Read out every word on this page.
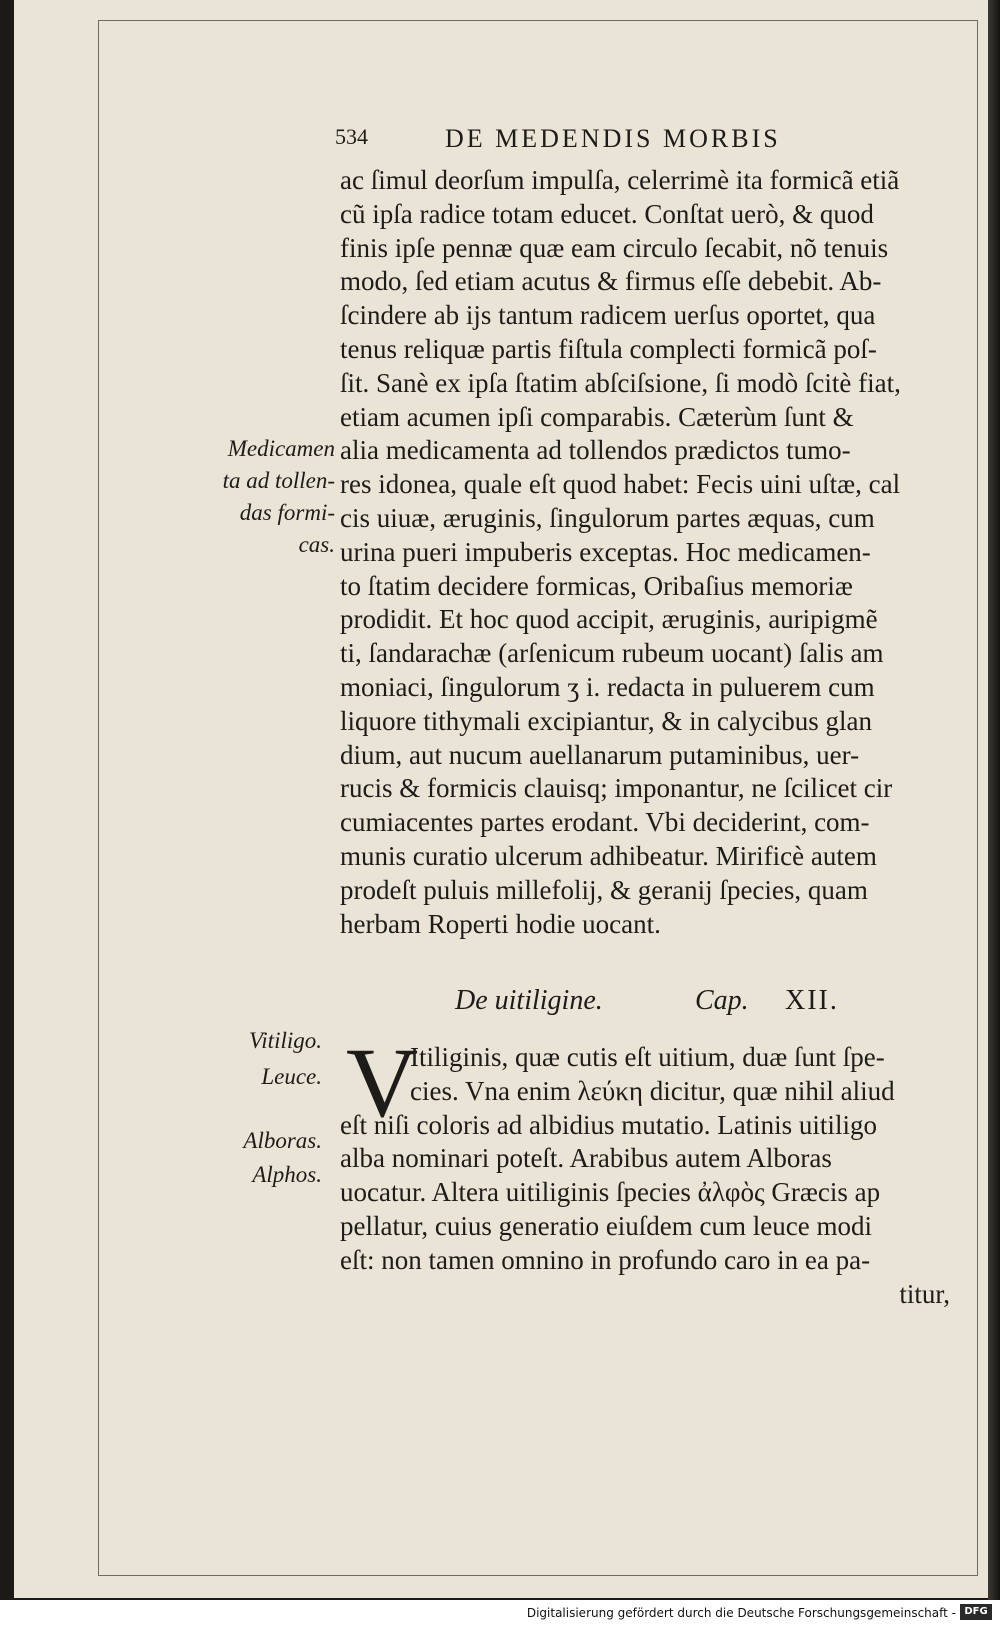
534	DE MEDENDIS MORBIS
ac ſimul deorſum impulſa, celerrimè ita formicã etiã
cũ ipſa radice totam educet. Conſtat uerò, & quod
finis ipſe pennæ quæ eam circulo ſecabit, nõ tenuis
modo, ſed etiam acutus & firmus eſſe debebit. Ab-
ſcindere ab ijs tantum radicem uerſus oportet, qua
tenus reliquæ partis fiſtula complecti formicã poſ-
ſit. Sanè ex ipſa ſtatim abſciſsione, ſi modò ſcitè fiat,
etiam acumen ipſi comparabis. Cæterùm ſunt &
alia medicamenta ad tollendos prædictos tumo-
res idonea, quale eſt quod habet: Fecis uini uſtæ, cal
cis uiuæ, æruginis, ſingulorum partes æquas, cum
urina pueri impuberis exceptas. Hoc medicamen-
to ſtatim decidere formicas, Oribaſius memoriæ
prodidit. Et hoc quod accipit, æruginis, auripigmẽ
ti, ſandarachæ (arſenicum rubeum uocant) ſalis am
moniaci, ſingulorum ʒ i. redacta in puluerem cum
liquore tithymali excipiantur, & in calycibus glan
dium, aut nucum auellanarum putaminibus, uer-
rucis & formicis clauisq; imponantur, ne ſcilicet cir
cumiacentes partes erodant. Vbi deciderint, com-
munis curatio ulcerum adhibeatur. Mirificè autem
prodeſt puluis millefolij, & geranij ſpecies, quam
herbam Roperti hodie uocant.
Medicamen
ta ad tollen-
das formi-
cas.
De uitiligine.	Cap. XII.
V
Itiliginis, quæ cutis eſt uitium, duæ ſunt ſpe-
cies. Vna enim λεύκη dicitur, quæ nihil aliud
eſt niſi coloris ad albidius mutatio. Latinis uitiligo
alba nominari poteſt. Arabibus autem Alboras
uocatur. Altera uitiliginis ſpecies ἀλφὸς Græcis ap
pellatur, cuius generatio eiuſdem cum leuce modi
eſt: non tamen omnino in profundo caro in ea pa-
titur,
Vitiligo.
Leuce.
Alboras.
Alphos.
Digitalisierung gefördert durch die Deutsche Forschungsgemeinschaft - DFG
